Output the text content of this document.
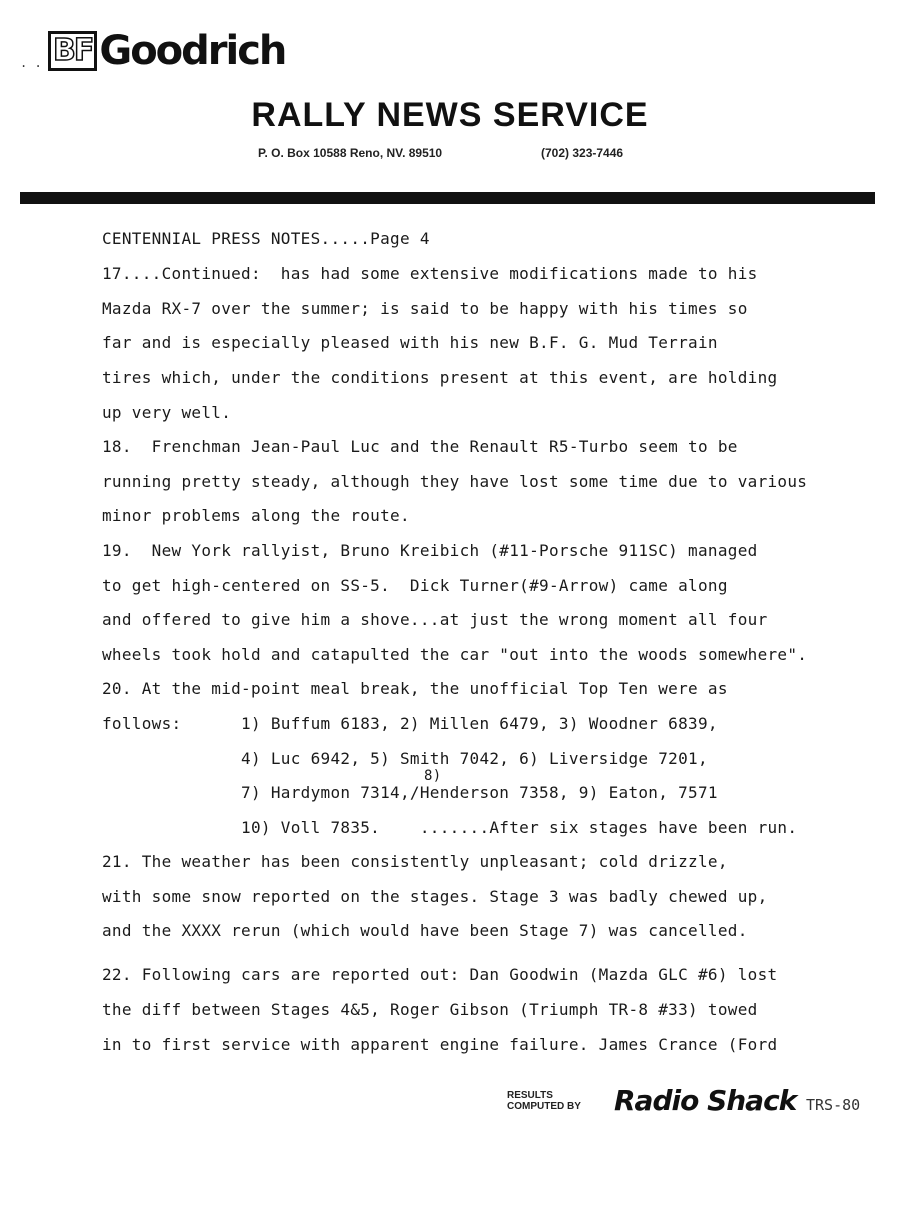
. . BF Goodrich
RALLY NEWS SERVICE
P. O. Box 10588 Reno, NV. 89510	(702) 323-7446
CENTENNIAL PRESS NOTES.....Page 4
17....Continued:  has had some extensive modifications made to his
Mazda RX-7 over the summer; is said to be happy with his times so
far and is especially pleased with his new B.F. G. Mud Terrain
tires which, under the conditions present at this event, are holding
up very well.
18.  Frenchman Jean-Paul Luc and the Renault R5-Turbo seem to be
running pretty steady, although they have lost some time due to various
minor problems along the route.
19.  New York rallyist, Bruno Kreibich (#11-Porsche 911SC) managed
to get high-centered on SS-5.  Dick Turner(#9-Arrow) came along
and offered to give him a shove...at just the wrong moment all four
wheels took hold and catapulted the car "out into the woods somewhere".
20. At the mid-point meal break, the unofficial Top Ten were as
follows:      1) Buffum 6183, 2) Millen 6479, 3) Woodner 6839,
4) Luc 6942, 5) Smith 7042, 6) Liversidge 7201,
8)
7) Hardymon 7314,/Henderson 7358, 9) Eaton, 7571
10) Voll 7835.    .......After six stages have been run.
21. The weather has been consistently unpleasant; cold drizzle,
with some snow reported on the stages. Stage 3 was badly chewed up,
and the XXXX rerun (which would have been Stage 7) was cancelled.
22. Following cars are reported out: Dan Goodwin (Mazda GLC #6) lost
the diff between Stages 4&5, Roger Gibson (Triumph TR-8 #33) towed
in to first service with apparent engine failure. James Crance (Ford
RESULTS
COMPUTED BY Radio Shack TRS-80
